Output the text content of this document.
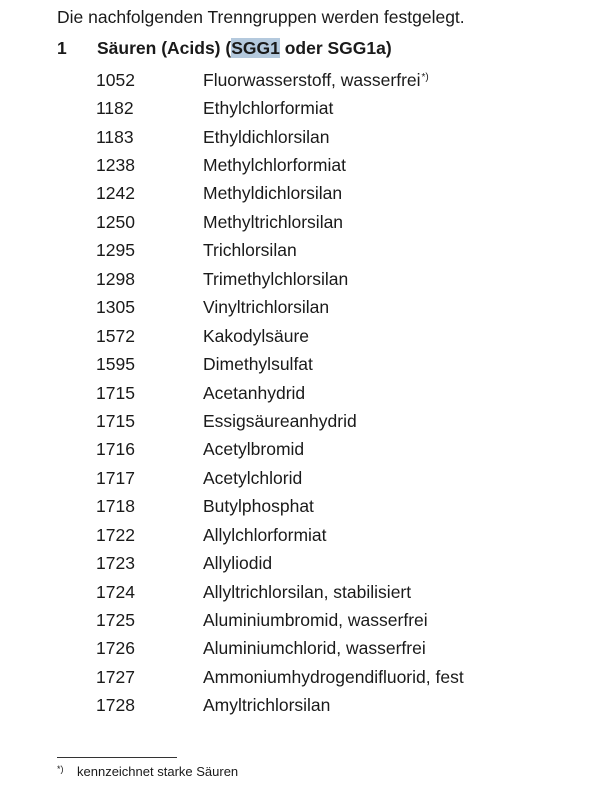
Die nachfolgenden Trenngruppen werden festgelegt.
1 Säuren (Acids) (SGG1 oder SGG1a)
1052	Fluorwasserstoff, wasserfrei*)
1182	Ethylchlorformiat
1183	Ethyldichlorsilan
1238	Methylchlorformiat
1242	Methyldichlorsilan
1250	Methyltrichlorsilan
1295	Trichlorsilan
1298	Trimethylchlorsilan
1305	Vinyltrichlorsilan
1572	Kakodylsäure
1595	Dimethylsulfat
1715	Acetanhydrid
1715	Essigsäureanhydrid
1716	Acetylbromid
1717	Acetylchlorid
1718	Butylphosphat
1722	Allylchlorformiat
1723	Allyliodid
1724	Allyltrichlorsilan, stabilisiert
1725	Aluminiumbromid, wasserfrei
1726	Aluminiumchlorid, wasserfrei
1727	Ammoniumhydrogendifluorid, fest
1728	Amyltrichlorsilan
*) kennzeichnet starke Säuren
